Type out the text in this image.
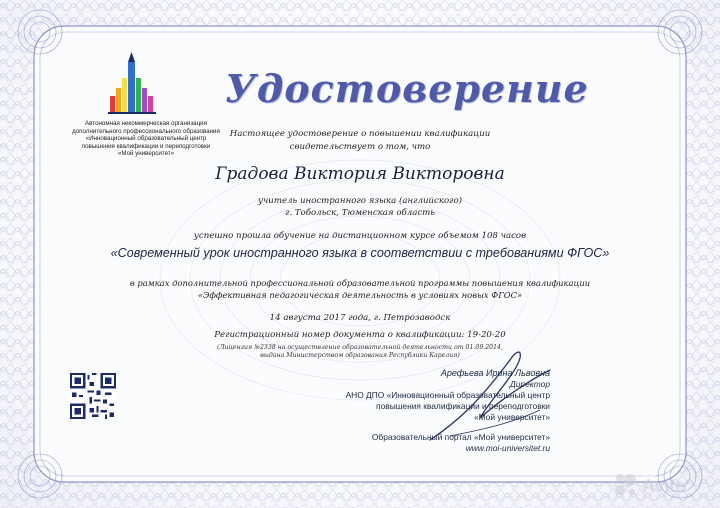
Автономная некоммерческая организация
дополнительного профессионального образования
«Инновационный образовательный центр
повышения квалификации и переподготовки
«Мой университет»
Удостоверение
Настоящее удостоверение о повышении квалификации
свидетельствует о том, что
Градова Виктория Викторовна
учитель иностранного языка (английского)
г. Тобольск, Тюменская область
успешно прошла обучение на дистанционном курсе объемом 108 часов
«Современный урок иностранного языка в соответствии с требованиями ФГОС»
в рамках дополнительной профессиональной образовательной программы повышения квалификации
«Эффективная педагогическая деятельность в условиях новых ФГОС»
14 августа 2017 года, г. Петрозаводск
Регистрационный номер документа о квалификации: 19-20-20
(Лицензия №2338 на осуществление образовательной деятельности от 01.09.2014,
выдана Министерством образования Республики Карелия)
Арефьева Ирина Львовна
Директор
АНО ДПО «Инновационный образовательный центр
повышения квалификации и переподготовки
«Мой университет»
Образовательный портал «Мой университет»
www.moi-universitet.ru
Avito
